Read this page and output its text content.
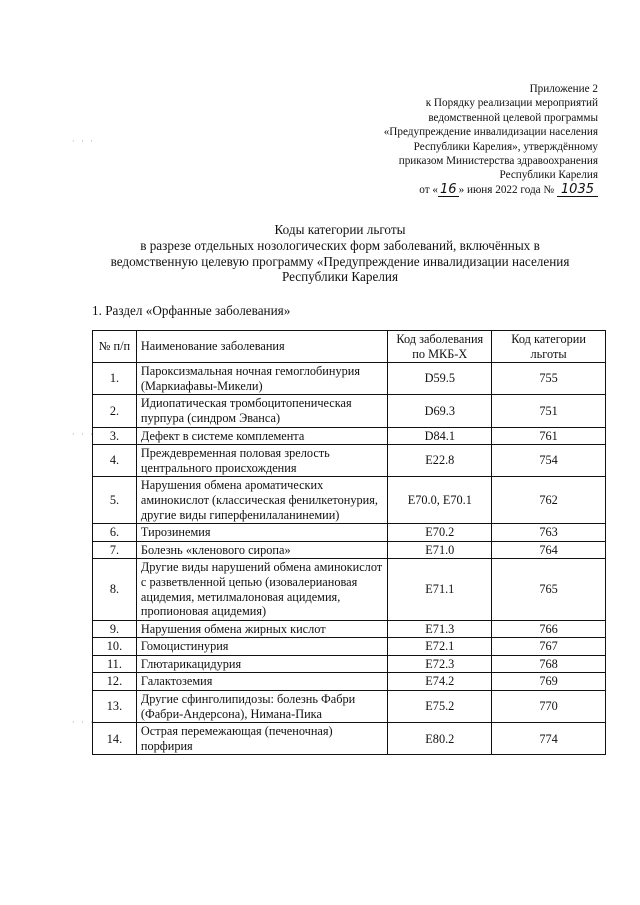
Приложение 2
к Порядку реализации мероприятий
ведомственной целевой программы
«Предупреждение инвалидизации населения
Республики Карелия», утверждённому
приказом Министерства здравоохранения
Республики Карелия
от « 16 » июня 2022 года № 1035
· · ·
· · ·
· · ·
Коды категории льготы
в разрезе отдельных нозологических форм заболеваний, включённых в
ведомственную целевую программу «Предупреждение инвалидизации населения
Республики Карелия
1. Раздел «Орфанные заболевания»
№ п/п	Наименование заболевания	Код заболевания по МКБ-Х	Код категории льготы
1.	Пароксизмальная ночная гемоглобинурия (Маркиафавы-Микели)	D59.5	755
2.	Идиопатическая тромбоцитопеническая пурпура (синдром Эванса)	D69.3	751
3.	Дефект в системе комплемента	D84.1	761
4.	Преждевременная половая зрелость центрального происхождения	E22.8	754
5.	Нарушения обмена ароматических аминокислот (классическая фенилкетонурия, другие виды гиперфенилаланинемии)	E70.0, E70.1	762
6.	Тирозинемия	E70.2	763
7.	Болезнь «кленового сиропа»	E71.0	764
8.	Другие виды нарушений обмена аминокислот с разветвленной цепью (изовалериановая ацидемия, метилмалоновая ацидемия, пропионовая ацидемия)	E71.1	765
9.	Нарушения обмена жирных кислот	E71.3	766
10.	Гомоцистинурия	E72.1	767
11.	Глютарикацидурия	E72.3	768
12.	Галактоземия	E74.2	769
13.	Другие сфинголипидозы: болезнь Фабри (Фабри-Андерсона), Нимана-Пика	E75.2	770
14.	Острая перемежающая (печеночная) порфирия	E80.2	774
